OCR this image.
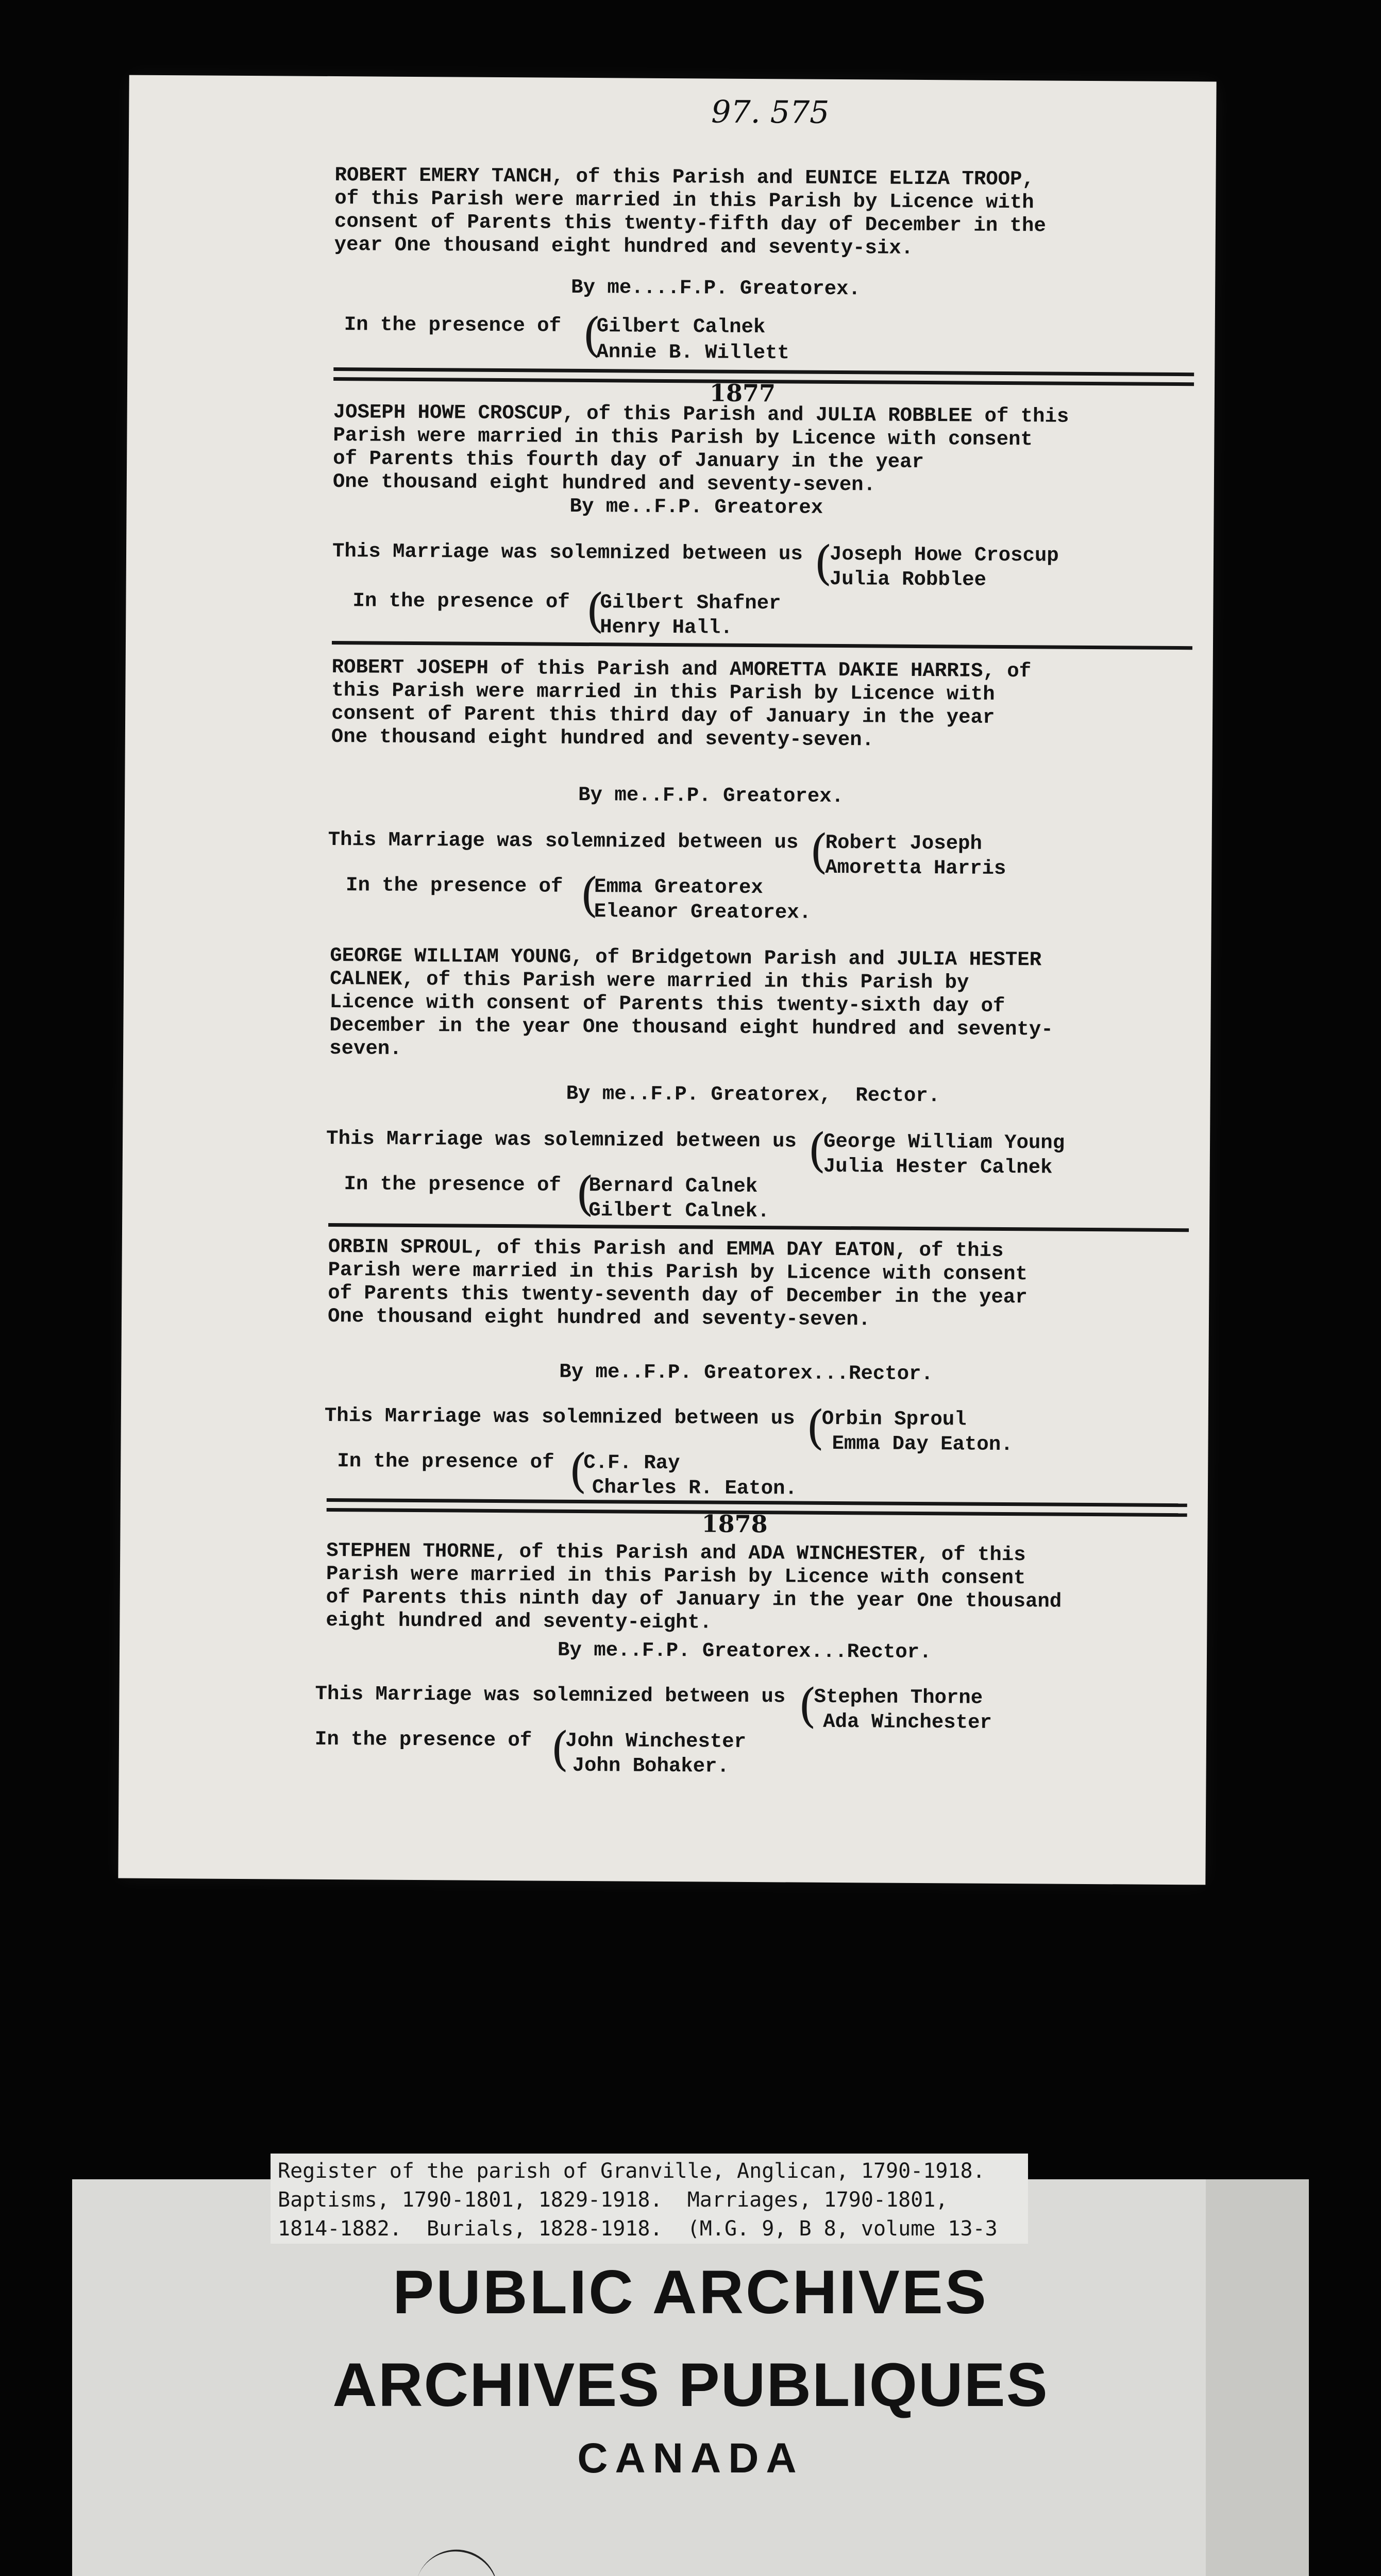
97. 575

ROBERT EMERY TANCH, of this Parish and EUNICE ELIZA TROOP,

of this Parish were married in this Parish by Licence with

consent of Parents this twenty-fifth day of December in the

year One thousand eight hundred and seventy-six.

By me....F.P. Greatorex.
In the presence of (
Gilbert Calnek
Annie B. Willett
1877

JOSEPH HOWE CROSCUP, of this Parish and JULIA ROBBLEE of this

Parish were married in this Parish by Licence with consent

of Parents this fourth day of January in the year

One thousand eight hundred and seventy-seven.

By me..F.P. Greatorex
This Marriage was solemnized between us (
Joseph Howe Croscup
Julia Robblee
In the presence of (
Gilbert Shafner
Henry Hall.

ROBERT JOSEPH of this Parish and AMORETTA DAKIE HARRIS, of

this Parish were married in this Parish by Licence with

consent of Parent this third day of January in the year

One thousand eight hundred and seventy-seven.

By me..F.P. Greatorex.
This Marriage was solemnized between us (
Robert Joseph
Amoretta Harris
In the presence of (
Emma Greatorex
Eleanor Greatorex.

GEORGE WILLIAM YOUNG, of Bridgetown Parish and JULIA HESTER

CALNEK, of this Parish were married in this Parish by

Licence with consent of Parents this twenty-sixth day of

December in the year One thousand eight hundred and seventy-

seven.

By me..F.P. Greatorex,  Rector.
This Marriage was solemnized between us (
George William Young
Julia Hester Calnek
In the presence of (
Bernard Calnek
Gilbert Calnek.

ORBIN SPROUL, of this Parish and EMMA DAY EATON, of this

Parish were married in this Parish by Licence with consent

of Parents this twenty-seventh day of December in the year

One thousand eight hundred and seventy-seven.

By me..F.P. Greatorex...Rector.
This Marriage was solemnized between us (
Orbin Sproul
Emma Day Eaton.
In the presence of (
C.F. Ray
Charles R. Eaton.
1878

STEPHEN THORNE, of this Parish and ADA WINCHESTER, of this

Parish were married in this Parish by Licence with consent

of Parents this ninth day of January in the year One thousand

eight hundred and seventy-eight.

By me..F.P. Greatorex...Rector.
This Marriage was solemnized between us (
Stephen Thorne
Ada Winchester
In the presence of (
John Winchester
John Bohaker.
Register of the parish of Granville, Anglican, 1790-1918.
Baptisms, 1790-1801, 1829-1918.  Marriages, 1790-1801,
1814-1882.  Burials, 1828-1918.  (M.G. 9, B 8, volume 13-3
PUBLIC ARCHIVES
ARCHIVES PUBLIQUES
CANADA
